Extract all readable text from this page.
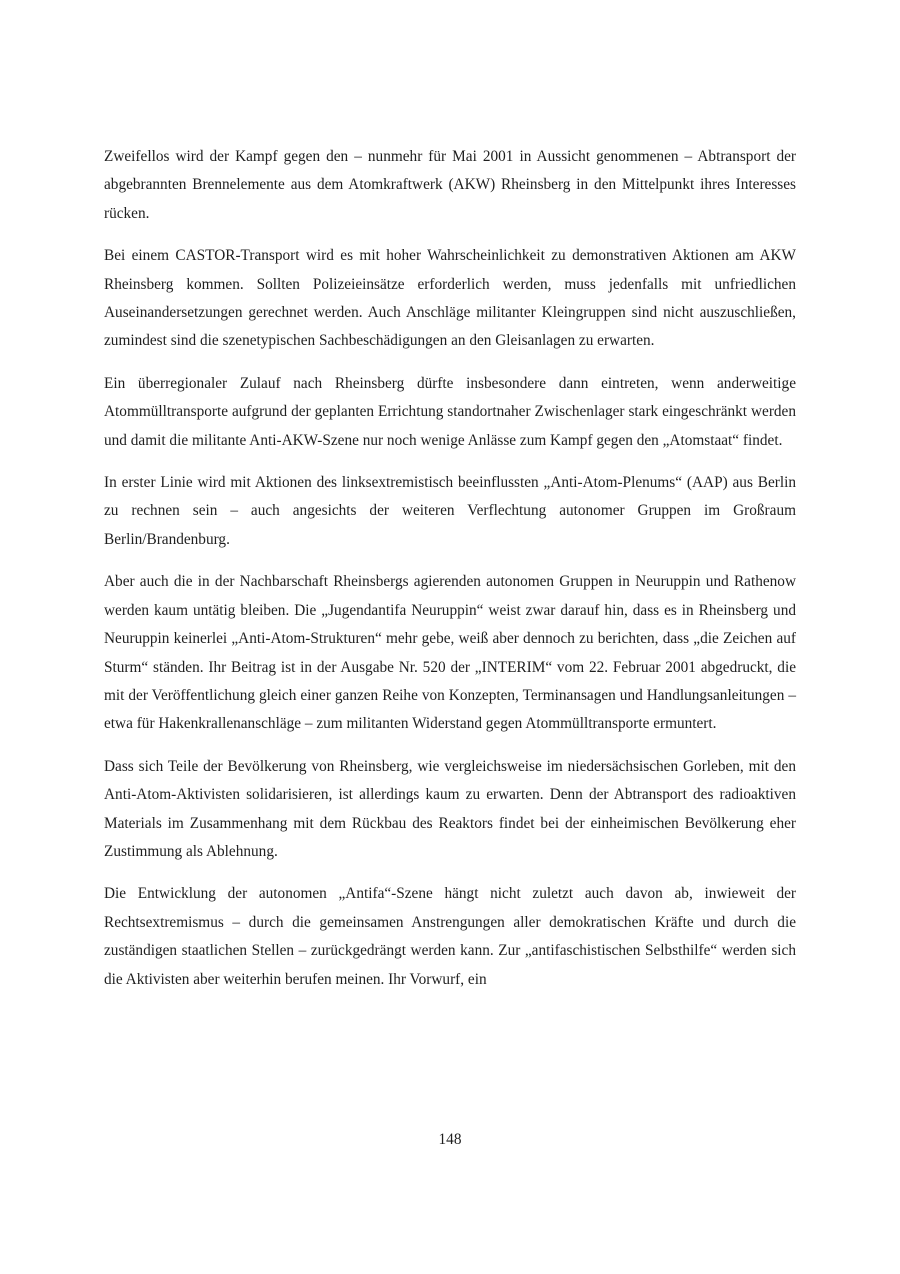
Zweifellos wird der Kampf gegen den – nunmehr für Mai 2001 in Aussicht genommenen – Abtransport der abgebrannten Brennelemente aus dem Atomkraftwerk (AKW) Rheinsberg in den Mittelpunkt ihres Interesses rücken.

Bei einem CASTOR-Transport wird es mit hoher Wahrscheinlichkeit zu demonstrativen Aktionen am AKW Rheinsberg kommen. Sollten Polizeieinsätze erforderlich werden, muss jedenfalls mit unfriedlichen Auseinandersetzungen gerechnet werden. Auch Anschläge militanter Kleingruppen sind nicht auszuschließen, zumindest sind die szenetypischen Sachbeschädigungen an den Gleisanlagen zu erwarten.

Ein überregionaler Zulauf nach Rheinsberg dürfte insbesondere dann eintreten, wenn anderweitige Atommülltransporte aufgrund der geplanten Errichtung standortnaher Zwischenlager stark eingeschränkt werden und damit die militante Anti-AKW-Szene nur noch wenige Anlässe zum Kampf gegen den „Atomstaat“ findet.

In erster Linie wird mit Aktionen des linksextremistisch beeinflussten „Anti-Atom-Plenums“ (AAP) aus Berlin zu rechnen sein – auch angesichts der weiteren Verflechtung autonomer Gruppen im Großraum Berlin/Brandenburg.

Aber auch die in der Nachbarschaft Rheinsbergs agierenden autonomen Gruppen in Neuruppin und Rathenow werden kaum untätig bleiben. Die „Jugendantifa Neuruppin“ weist zwar darauf hin, dass es in Rheinsberg und Neuruppin keinerlei „Anti-Atom-Strukturen“ mehr gebe, weiß aber dennoch zu berichten, dass „die Zeichen auf Sturm“ ständen. Ihr Beitrag ist in der Ausgabe Nr. 520 der „INTERIM“ vom 22. Februar 2001 abgedruckt, die mit der Veröffentlichung gleich einer ganzen Reihe von Konzepten, Terminansagen und Handlungsanleitungen – etwa für Hakenkrallenanschläge – zum militanten Widerstand gegen Atommülltransporte ermuntert.

Dass sich Teile der Bevölkerung von Rheinsberg, wie vergleichsweise im niedersächsischen Gorleben, mit den Anti-Atom-Aktivisten solidarisieren, ist allerdings kaum zu erwarten. Denn der Abtransport des radioaktiven Materials im Zusammenhang mit dem Rückbau des Reaktors findet bei der einheimischen Bevölkerung eher Zustimmung als Ablehnung.

Die Entwicklung der autonomen „Antifa“-Szene hängt nicht zuletzt auch davon ab, inwieweit der Rechtsextremismus – durch die gemeinsamen Anstrengungen aller demokratischen Kräfte und durch die zuständigen staatlichen Stellen – zurückgedrängt werden kann. Zur „antifaschistischen Selbsthilfe“ werden sich die Aktivisten aber weiterhin berufen meinen. Ihr Vorwurf, ein

148
